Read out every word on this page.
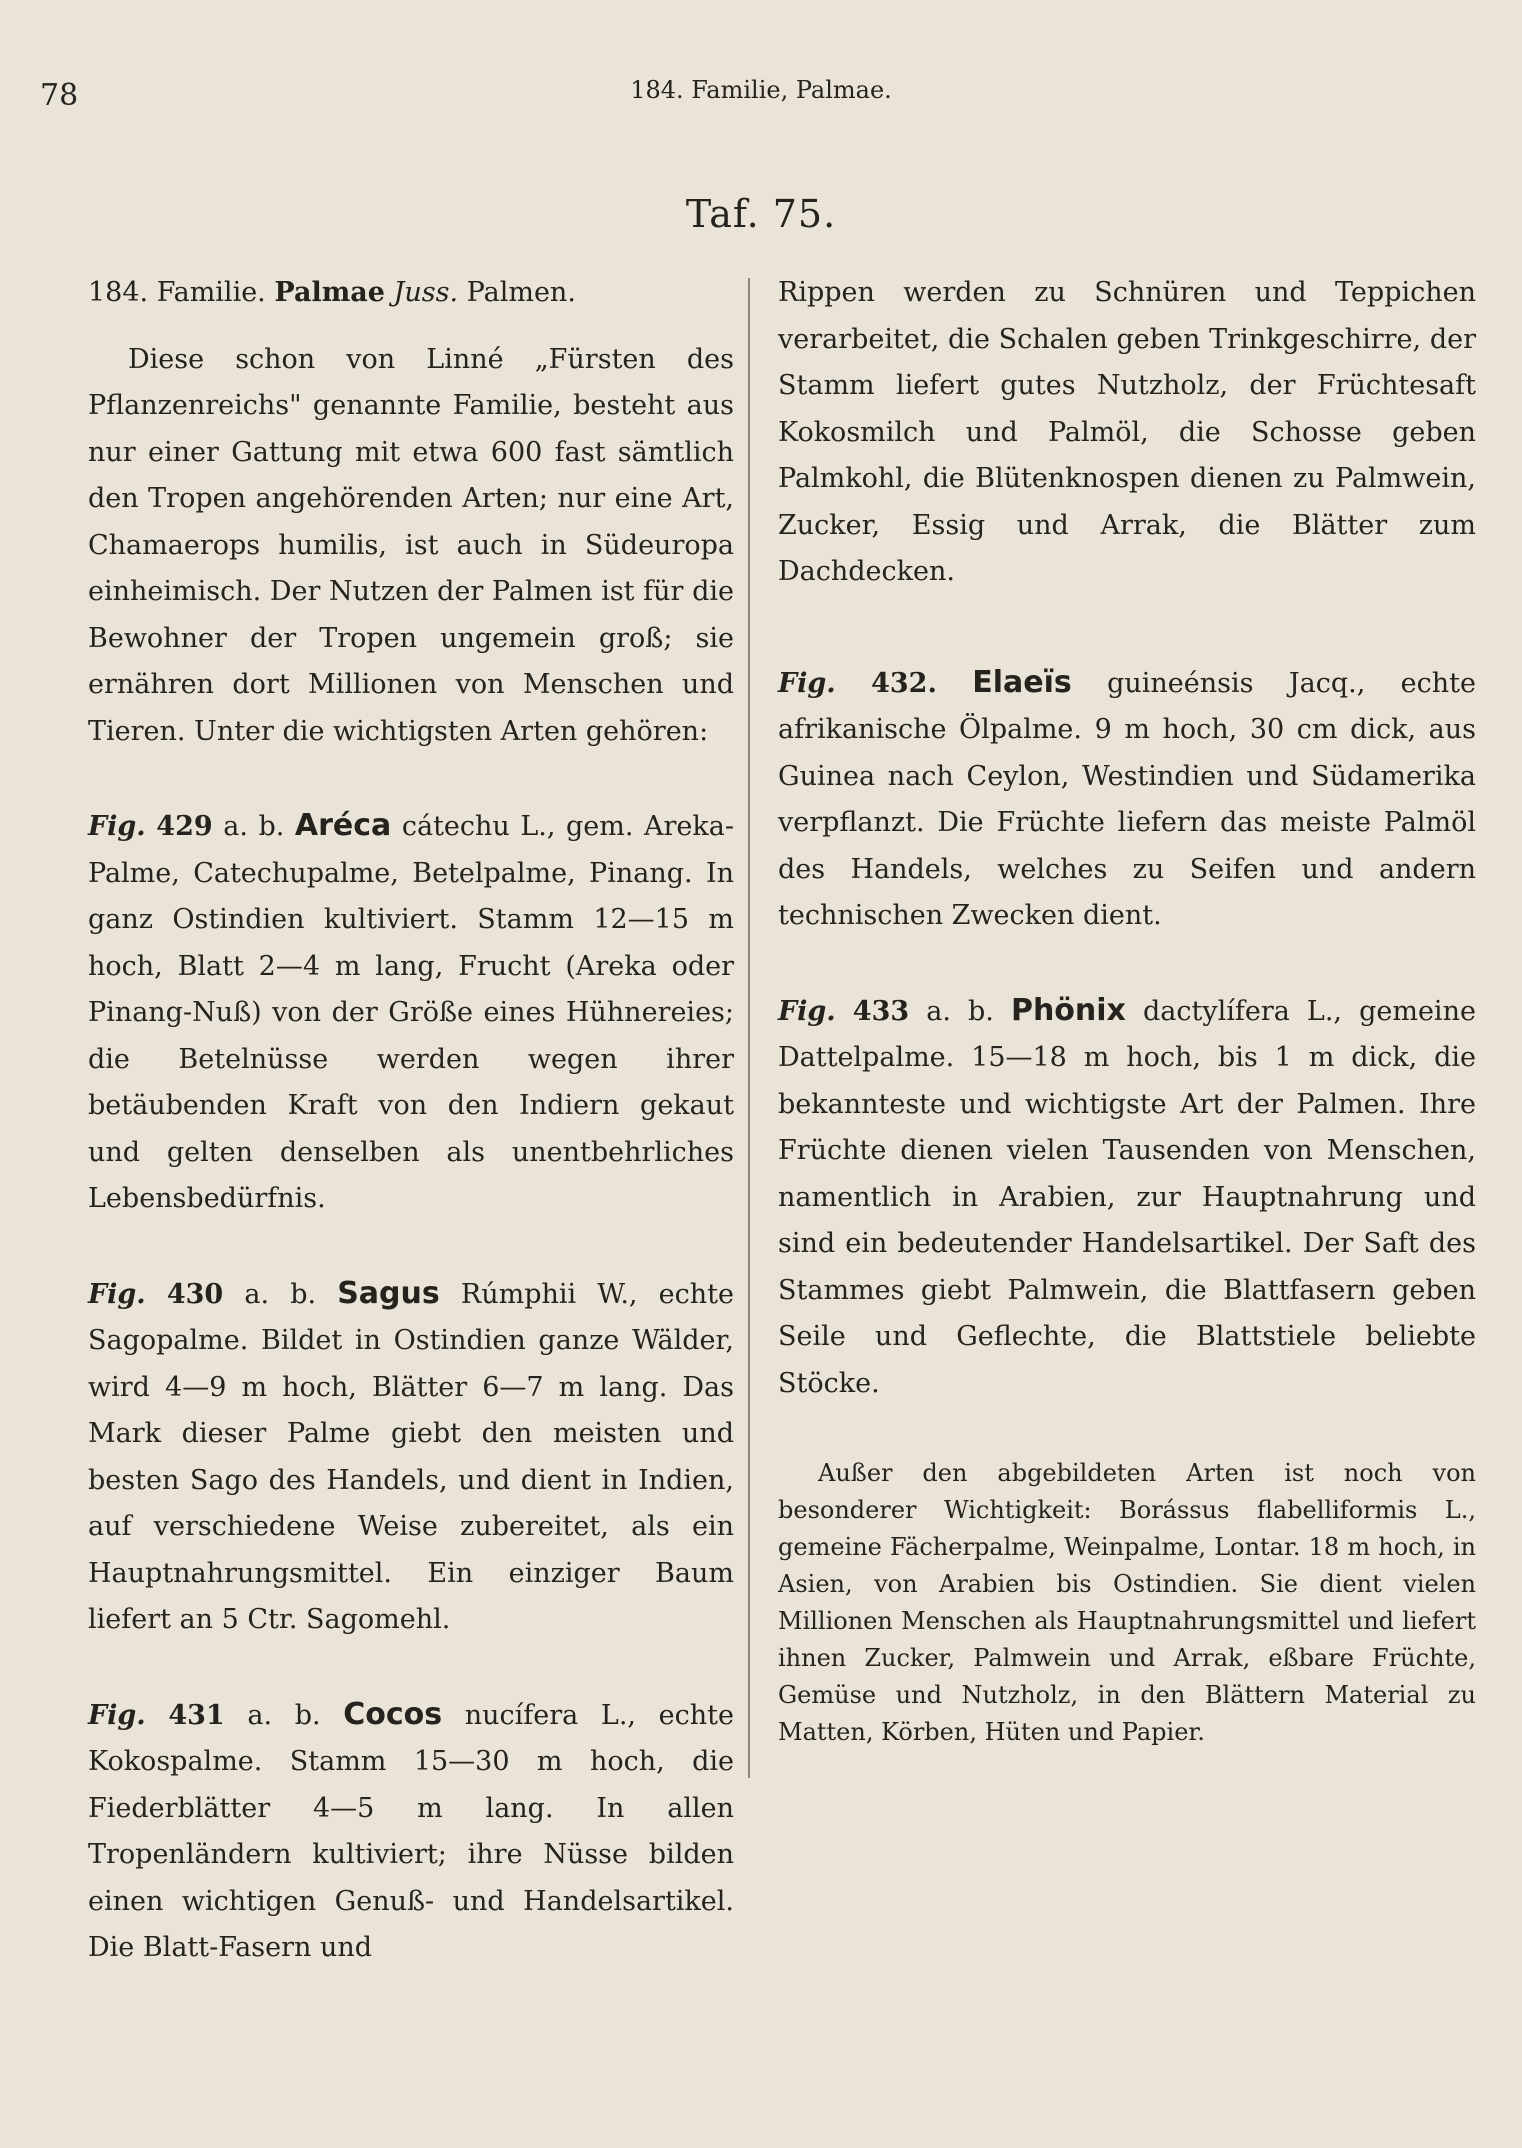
78	184. Familie, Palmae.
Taf. 75.

184. Familie. Palmae Juss. Palmen.

Diese schon von Linné „Fürsten des Pflanzenreichs" genannte Familie, besteht aus nur einer Gattung mit etwa 600 fast sämtlich den Tropen angehörenden Arten; nur eine Art, Chamaerops humilis, ist auch in Südeuropa einheimisch. Der Nutzen der Palmen ist für die Bewohner der Tropen ungemein groß; sie ernähren dort Millionen von Menschen und Tieren. Unter die wichtigsten Arten gehören:

Fig. 429 a. b. Aréca cátechu L., gem. Areka-Palme, Catechupalme, Betelpalme, Pinang. In ganz Ostindien kultiviert. Stamm 12—15 m hoch, Blatt 2—4 m lang, Frucht (Areka oder Pinang-Nuß) von der Größe eines Hühnereies; die Betelnüsse werden wegen ihrer betäubenden Kraft von den Indiern gekaut und gelten denselben als unentbehrliches Lebensbedürfnis.

Fig. 430 a. b. Sagus Rúmphii W., echte Sagopalme. Bildet in Ostindien ganze Wälder, wird 4—9 m hoch, Blätter 6—7 m lang. Das Mark dieser Palme giebt den meisten und besten Sago des Handels, und dient in Indien, auf verschiedene Weise zubereitet, als ein Hauptnahrungsmittel. Ein einziger Baum liefert an 5 Ctr. Sagomehl.

Fig. 431 a. b. Cocos nucífera L., echte Kokospalme. Stamm 15—30 m hoch, die Fiederblätter 4—5 m lang. In allen Tropenländern kultiviert; ihre Nüsse bilden einen wichtigen Genuß- und Handelsartikel. Die Blatt-Fasern und

Rippen werden zu Schnüren und Teppichen verarbeitet, die Schalen geben Trinkgeschirre, der Stamm liefert gutes Nutzholz, der Früchtesaft Kokosmilch und Palmöl, die Schosse geben Palmkohl, die Blütenknospen dienen zu Palmwein, Zucker, Essig und Arrak, die Blätter zum Dachdecken.

Fig. 432. Elaeïs guineénsis Jacq., echte afrikanische Ölpalme. 9 m hoch, 30 cm dick, aus Guinea nach Ceylon, Westindien und Südamerika verpflanzt. Die Früchte liefern das meiste Palmöl des Handels, welches zu Seifen und andern technischen Zwecken dient.

Fig. 433 a. b. Phönix dactylífera L., gemeine Dattelpalme. 15—18 m hoch, bis 1 m dick, die bekannteste und wichtigste Art der Palmen. Ihre Früchte dienen vielen Tausenden von Menschen, namentlich in Arabien, zur Hauptnahrung und sind ein bedeutender Handelsartikel. Der Saft des Stammes giebt Palmwein, die Blattfasern geben Seile und Geflechte, die Blattstiele beliebte Stöcke.

Außer den abgebildeten Arten ist noch von besonderer Wichtigkeit: Borássus flabelliformis L., gemeine Fächerpalme, Weinpalme, Lontar. 18 m hoch, in Asien, von Arabien bis Ostindien. Sie dient vielen Millionen Menschen als Hauptnahrungsmittel und liefert ihnen Zucker, Palmwein und Arrak, eßbare Früchte, Gemüse und Nutzholz, in den Blättern Material zu Matten, Körben, Hüten und Papier.
